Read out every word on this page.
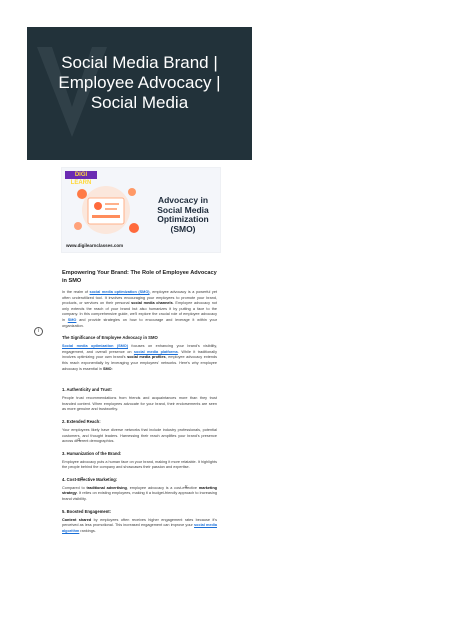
Social Media Brand | Employee Advocacy | Social Media
DIGI LEARN
Advocacy in Social Media Optimization (SMO)
www.digilearnclasses.com
i
Empowering Your Brand: The Role of Employee Advocacy in SMO

In the realm of social media optimization (SMO), employee advocacy is a powerful yet often underutilized tool. It involves encouraging your employees to promote your brand, products, or services on their personal social media channels. Employee advocacy not only extends the reach of your brand but also humanizes it by putting a face to the company. In this comprehensive guide, we'll explore the crucial role of employee advocacy in SMO and provide strategies on how to encourage and leverage it within your organization.

The Signiﬁcance of Employee Advocacy in SMO

Social media optimization (SMO) focuses on enhancing your brand's visibility, engagement, and overall presence on social media platforms. While it traditionally involves optimizing your own brand's social media proﬁles, employee advocacy extends this reach exponentially by leveraging your employees' networks. Here's why employee advocacy is essential in SMO:

1. Authenticity and Trust:

People trust recommendations from friends and acquaintances more than they trust branded content. When employees advocate for your brand, their endorsements are seen as more genuine and trustworthy.

2. Extended Reach:

Your employees likely have diverse networks that include industry professionals, potential customers, and thought leaders. Harnessing their reach ampliﬁes your brand's presence across diﬀerent demographics.

3. Humanization of the Brand:

Employee advocacy puts a human face on your brand, making it more relatable. It highlights the people behind the company and showcases their passion and expertise.

4. Cost-Eﬀective Marketing:

Compared to traditional advertising, employee advocacy is a cost-eﬀective marketing strategy. It relies on existing employees, making it a budget-friendly approach to increasing brand visibility.

5. Boosted Engagement:

Content shared by employees often receives higher engagement rates because it's perceived as less promotional. This increased engagement can improve your social media algorithm rankings.
